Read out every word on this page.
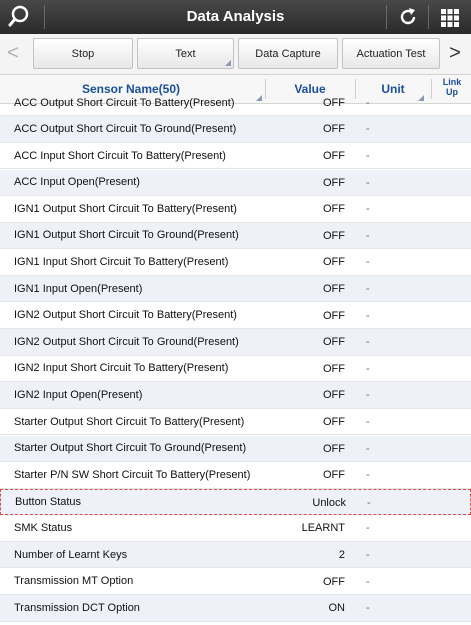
Data Analysis
<	Stop	Text	Data Capture	Actuation Test	>
Sensor Name(50)	Value	Unit	Link
Up
ACC Output Short Circuit To Battery(Present)	OFF -
ACC Output Short Circuit To Ground(Present)	OFF -
ACC Input Short Circuit To Battery(Present)	OFF -
ACC Input Open(Present)	OFF -
IGN1 Output Short Circuit To Battery(Present)	OFF -
IGN1 Output Short Circuit To Ground(Present)	OFF -
IGN1 Input Short Circuit To Battery(Present)	OFF -
IGN1 Input Open(Present)	OFF -
IGN2 Output Short Circuit To Battery(Present)	OFF -
IGN2 Output Short Circuit To Ground(Present)	OFF -
IGN2 Input Short Circuit To Battery(Present)	OFF -
IGN2 Input Open(Present)	OFF -
Starter Output Short Circuit To Battery(Present)	OFF -
Starter Output Short Circuit To Ground(Present)	OFF -
Starter P/N SW Short Circuit To Battery(Present)	OFF -
Button Status	Unlock -
SMK Status	LEARNT -
Number of Learnt Keys	2 -
Transmission MT Option	OFF -
Transmission DCT Option	ON -
